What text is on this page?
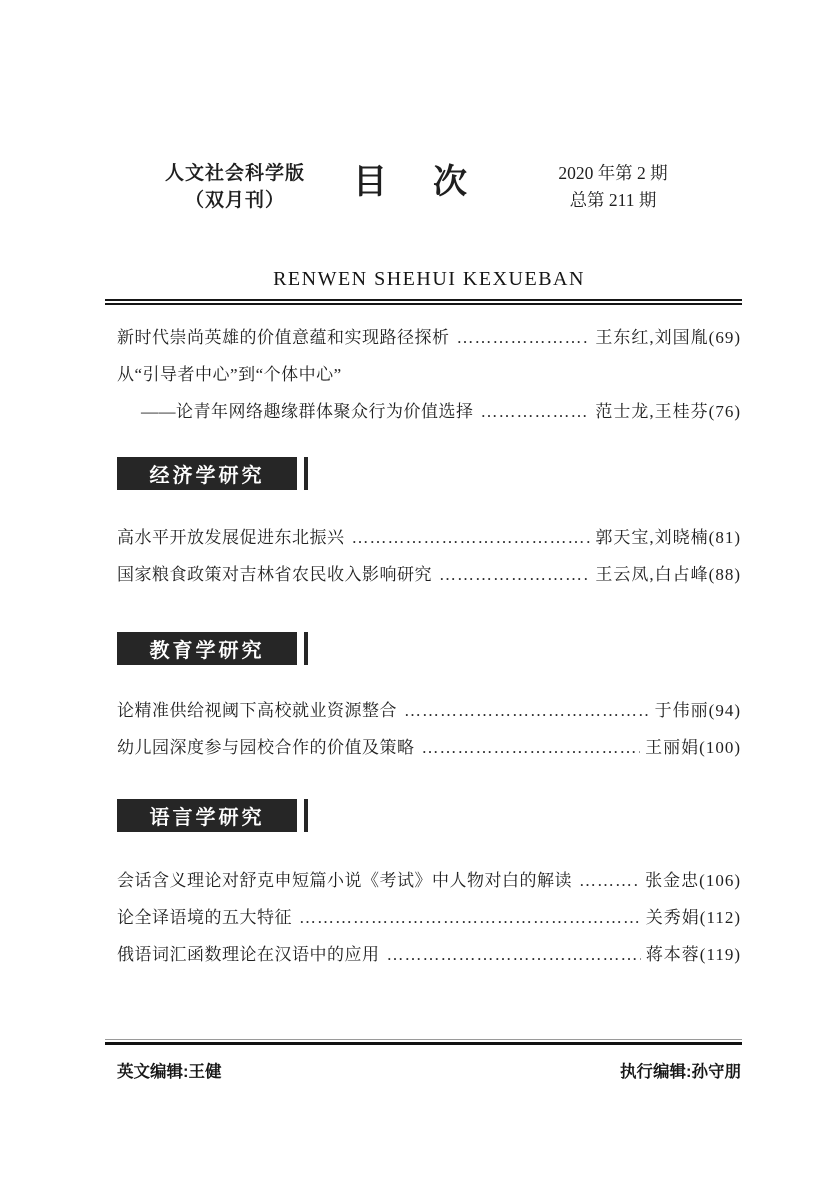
人文社会科学版
（双月刊）	目　次	2020 年第 2 期
总第 211 期
RENWEN SHEHUI KEXUEBAN
新时代崇尚英雄的价值意蕴和实现路径探析 ……………………………………………………………………………………………………	王东红,刘国胤(69)
从“引导者中心”到“个体中心”
——论青年网络趣缘群体聚众行为价值选择 ……………………………………………………………………………………………………	范士龙,王桂芬(76)
经济学研究
高水平开放发展促进东北振兴 ……………………………………………………………………………………………………	郭天宝,刘晓楠(81)
国家粮食政策对吉林省农民收入影响研究 ……………………………………………………………………………………………………	王云凤,白占峰(88)
教育学研究
论精准供给视阈下高校就业资源整合 ……………………………………………………………………………………………………	于伟丽(94)
幼儿园深度参与园校合作的价值及策略 ……………………………………………………………………………………………………	王丽娟(100)
语言学研究
会话含义理论对舒克申短篇小说《考试》中人物对白的解读 ……………………………………………………………………………………………………	张金忠(106)
论全译语境的五大特征 ……………………………………………………………………………………………………	关秀娟(112)
俄语词汇函数理论在汉语中的应用 ……………………………………………………………………………………………………	蒋本蓉(119)
英文编辑:王健	执行编辑:孙守朋
